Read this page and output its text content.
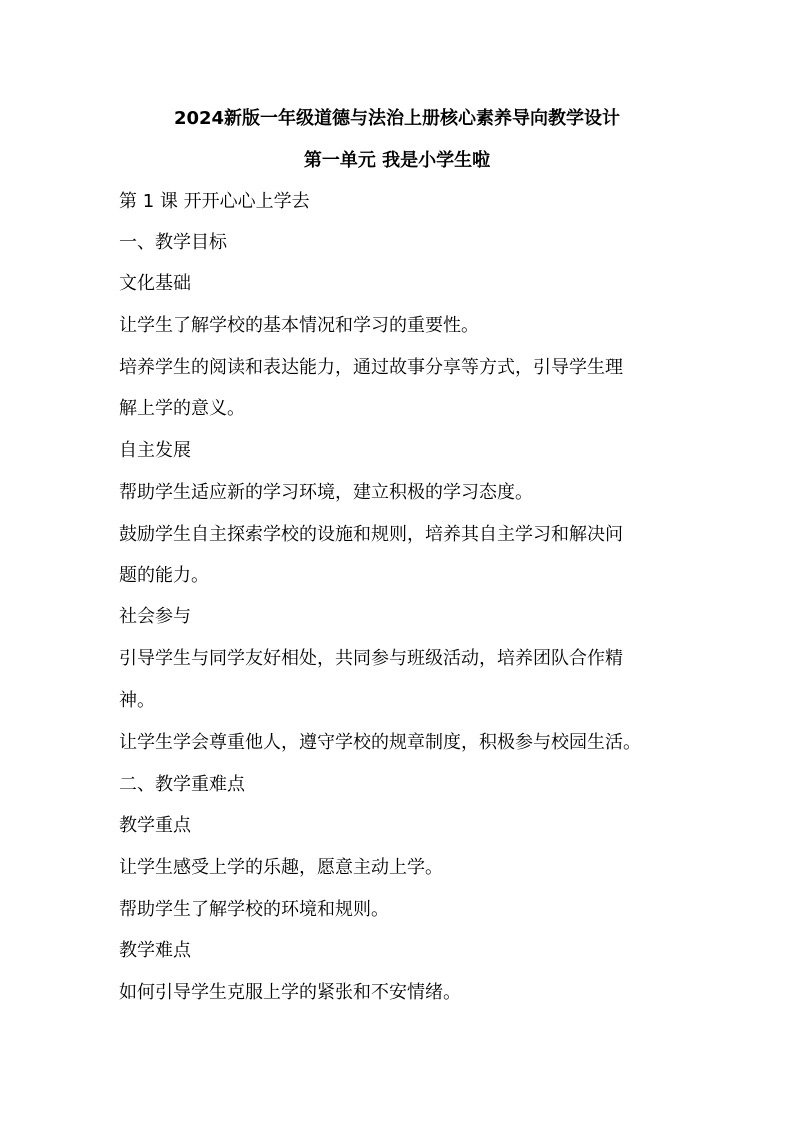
2024新版一年级道德与法治上册核心素养导向教学设计
第一单元 我是小学生啦
第 1 课 开开心心上学去
一、教学目标
文化基础
让学生了解学校的基本情况和学习的重要性。
培养学生的阅读和表达能力，通过故事分享等方式，引导学生理
解上学的意义。
自主发展
帮助学生适应新的学习环境，建立积极的学习态度。
鼓励学生自主探索学校的设施和规则，培养其自主学习和解决问
题的能力。
社会参与
引导学生与同学友好相处，共同参与班级活动，培养团队合作精
神。
让学生学会尊重他人，遵守学校的规章制度，积极参与校园生活。
二、教学重难点
教学重点
让学生感受上学的乐趣，愿意主动上学。
帮助学生了解学校的环境和规则。
教学难点
如何引导学生克服上学的紧张和不安情绪。
